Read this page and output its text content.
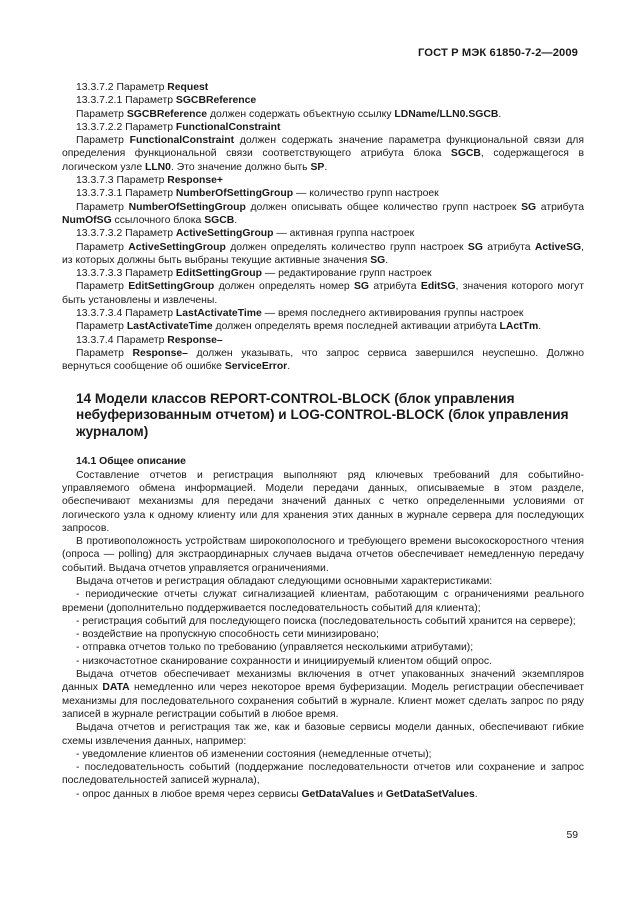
ГОСТ Р МЭК 61850-7-2—2009

13.3.7.2 Параметр Request

13.3.7.2.1 Параметр SGCBReference

Параметр SGCBReference должен содержать объектную ссылку LDName/LLN0.SGCB.

13.3.7.2.2 Параметр FunctionalConstraint

Параметр FunctionalConstraint должен содержать значение параметра функциональной связи для определения функциональной связи соответствующего атрибута блока SGCB, содержащегося в логическом узле LLN0. Это значение должно быть SP.

13.3.7.3 Параметр Response+

13.3.7.3.1 Параметр NumberOfSettingGroup — количество групп настроек

Параметр NumberOfSettingGroup должен описывать общее количество групп настроек SG атрибута NumOfSG ссылочного блока SGCB.

13.3.7.3.2 Параметр ActiveSettingGroup — активная группа настроек

Параметр ActiveSettingGroup должен определять количество групп настроек SG атрибута ActiveSG, из которых должны быть выбраны текущие активные значения SG.

13.3.7.3.3 Параметр EditSettingGroup — редактирование групп настроек

Параметр EditSettingGroup должен определять номер SG атрибута EditSG, значения которого могут быть установлены и извлечены.

13.3.7.3.4 Параметр LastActivateTime — время последнего активирования группы настроек

Параметр LastActivateTime должен определять время последней активации атрибута LActTm.

13.3.7.4 Параметр Response–

Параметр Response– должен указывать, что запрос сервиса завершился неуспешно. Должно вернуться сообщение об ошибке ServiceError.

14 Модели классов REPORT-CONTROL-BLOCK (блок управления небуферизованным отчетом) и LOG-CONTROL-BLOCK (блок управления журналом)

14.1 Общее описание

Составление отчетов и регистрация выполняют ряд ключевых требований для событийно-управляемого обмена информацией. Модели передачи данных, описываемые в этом разделе, обеспечивают механизмы для передачи значений данных с четко определенными условиями от логического узла к одному клиенту или для хранения этих данных в журнале сервера для последующих запросов.

В противоположность устройствам широкополосного и требующего времени высокоскоростного чтения (опроса — polling) для экстраординарных случаев выдача отчетов обеспечивает немедленную передачу событий. Выдача отчетов управляется ограничениями.

Выдача отчетов и регистрация обладают следующими основными характеристиками:

- периодические отчеты служат сигнализацией клиентам, работающим с ограничениями реального времени (дополнительно поддерживается последовательность событий для клиента);

- регистрация событий для последующего поиска (последовательность событий хранится на сервере);

- воздействие на пропускную способность сети минизировано;

- отправка отчетов только по требованию (управляется несколькими атрибутами);

- низкочастотное сканирование сохранности и инициируемый клиентом общий опрос.

Выдача отчетов обеспечивает механизмы включения в отчет упакованных значений экземпляров данных DATA немедленно или через некоторое время буферизации. Модель регистрации обеспечивает механизмы для последовательного сохранения событий в журнале. Клиент может сделать запрос по ряду записей в журнале регистрации событий в любое время.

Выдача отчетов и регистрация так же, как и базовые сервисы модели данных, обеспечивают гибкие схемы извлечения данных, например:

- уведомление клиентов об изменении состояния (немедленные отчеты);

- последовательность событий (поддержание последовательности отчетов или сохранение и запрос последовательностей записей журнала),

- опрос данных в любое время через сервисы GetDataValues и GetDataSetValues.

59
